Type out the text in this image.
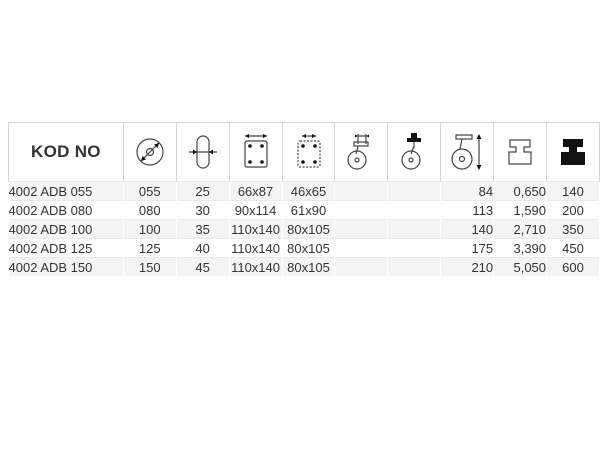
KOD NO	

4002 ADB 055	055	25	66x87	46x65			84	0,650	140
4002 ADB 080	080	30	90x114	61x90			113	1,590	200
4002 ADB 100	100	35	110x140	80x105			140	2,710	350
4002 ADB 125	125	40	110x140	80x105			175	3,390	450
4002 ADB 150	150	45	110x140	80x105			210	5,050	600
